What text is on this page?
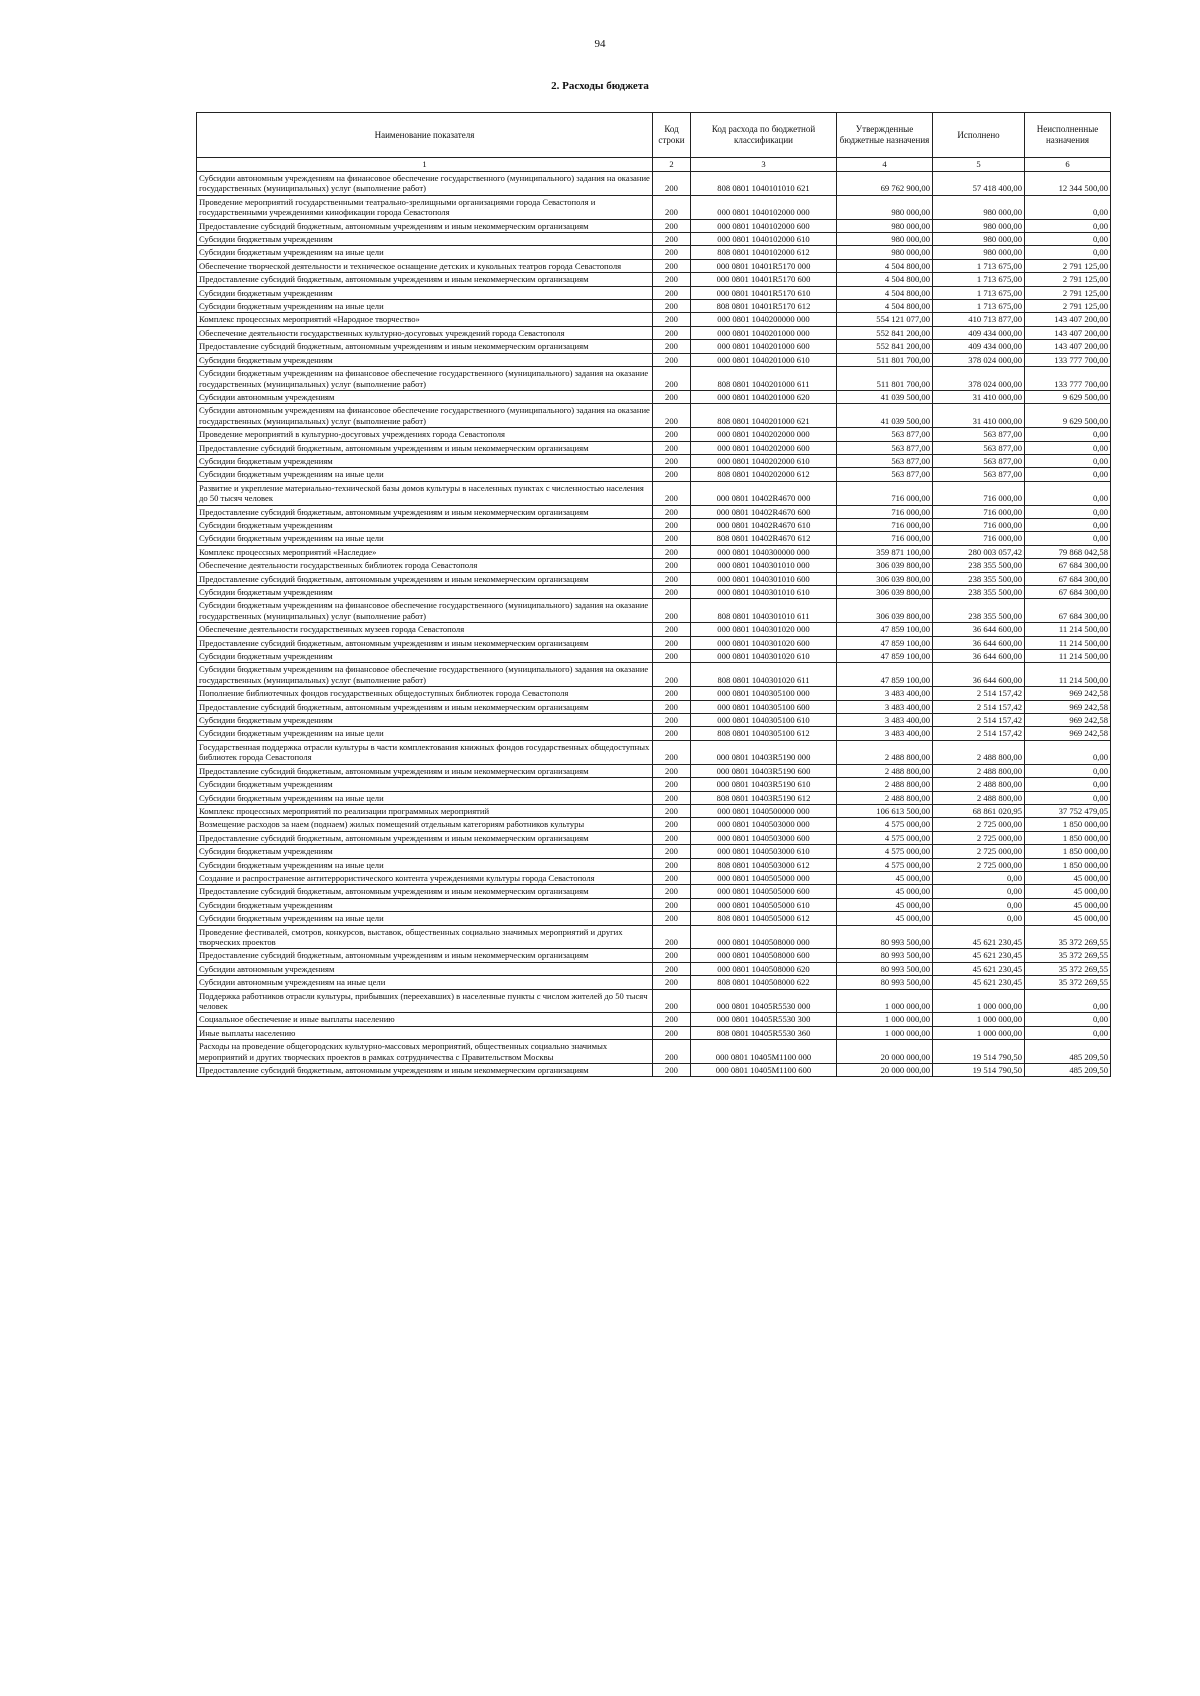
94
2. Расходы бюджета
Наименование показателя	Код строки	Код расхода по бюджетной классификации	Утвержденные бюджетные назначения	Исполнено	Неисполненные назначения
1	2	3	4	5	6
Субсидии автономным учреждениям на финансовое обеспечение государственного (муниципального) задания на оказание государственных (муниципальных) услуг (выполнение работ)	200	808 0801 1040101010 621	69 762 900,00	57 418 400,00	12 344 500,00
Проведение мероприятий государственными театрально-зрелищными организациями города Севастополя и государственными учреждениями кинофикации города Севастополя	200	000 0801 1040102000 000	980 000,00	980 000,00	0,00
Предоставление субсидий бюджетным, автономным учреждениям и иным некоммерческим организациям	200	000 0801 1040102000 600	980 000,00	980 000,00	0,00
Субсидии бюджетным учреждениям	200	000 0801 1040102000 610	980 000,00	980 000,00	0,00
Субсидии бюджетным учреждениям на иные цели	200	808 0801 1040102000 612	980 000,00	980 000,00	0,00
Обеспечение творческой деятельности и техническое оснащение детских и кукольных театров города Севастополя	200	000 0801 10401R5170 000	4 504 800,00	1 713 675,00	2 791 125,00
Предоставление субсидий бюджетным, автономным учреждениям и иным некоммерческим организациям	200	000 0801 10401R5170 600	4 504 800,00	1 713 675,00	2 791 125,00
Субсидии бюджетным учреждениям	200	000 0801 10401R5170 610	4 504 800,00	1 713 675,00	2 791 125,00
Субсидии бюджетным учреждениям на иные цели	200	808 0801 10401R5170 612	4 504 800,00	1 713 675,00	2 791 125,00
Комплекс процессных мероприятий «Народное творчество»	200	000 0801 1040200000 000	554 121 077,00	410 713 877,00	143 407 200,00
Обеспечение деятельности государственных культурно-досуговых учреждений города Севастополя	200	000 0801 1040201000 000	552 841 200,00	409 434 000,00	143 407 200,00
Предоставление субсидий бюджетным, автономным учреждениям и иным некоммерческим организациям	200	000 0801 1040201000 600	552 841 200,00	409 434 000,00	143 407 200,00
Субсидии бюджетным учреждениям	200	000 0801 1040201000 610	511 801 700,00	378 024 000,00	133 777 700,00
Субсидии бюджетным учреждениям на финансовое обеспечение государственного (муниципального) задания на оказание государственных (муниципальных) услуг (выполнение работ)	200	808 0801 1040201000 611	511 801 700,00	378 024 000,00	133 777 700,00
Субсидии автономным учреждениям	200	000 0801 1040201000 620	41 039 500,00	31 410 000,00	9 629 500,00
Субсидии автономным учреждениям на финансовое обеспечение государственного (муниципального) задания на оказание государственных (муниципальных) услуг (выполнение работ)	200	808 0801 1040201000 621	41 039 500,00	31 410 000,00	9 629 500,00
Проведение мероприятий в культурно-досуговых учреждениях города Севастополя	200	000 0801 1040202000 000	563 877,00	563 877,00	0,00
Предоставление субсидий бюджетным, автономным учреждениям и иным некоммерческим организациям	200	000 0801 1040202000 600	563 877,00	563 877,00	0,00
Субсидии бюджетным учреждениям	200	000 0801 1040202000 610	563 877,00	563 877,00	0,00
Субсидии бюджетным учреждениям на иные цели	200	808 0801 1040202000 612	563 877,00	563 877,00	0,00
Развитие и укрепление материально-технической базы домов культуры в населенных пунктах с численностью населения до 50 тысяч человек	200	000 0801 10402R4670 000	716 000,00	716 000,00	0,00
Предоставление субсидий бюджетным, автономным учреждениям и иным некоммерческим организациям	200	000 0801 10402R4670 600	716 000,00	716 000,00	0,00
Субсидии бюджетным учреждениям	200	000 0801 10402R4670 610	716 000,00	716 000,00	0,00
Субсидии бюджетным учреждениям на иные цели	200	808 0801 10402R4670 612	716 000,00	716 000,00	0,00
Комплекс процессных мероприятий «Наследие»	200	000 0801 1040300000 000	359 871 100,00	280 003 057,42	79 868 042,58
Обеспечение деятельности государственных библиотек города Севастополя	200	000 0801 1040301010 000	306 039 800,00	238 355 500,00	67 684 300,00
Предоставление субсидий бюджетным, автономным учреждениям и иным некоммерческим организациям	200	000 0801 1040301010 600	306 039 800,00	238 355 500,00	67 684 300,00
Субсидии бюджетным учреждениям	200	000 0801 1040301010 610	306 039 800,00	238 355 500,00	67 684 300,00
Субсидии бюджетным учреждениям на финансовое обеспечение государственного (муниципального) задания на оказание государственных (муниципальных) услуг (выполнение работ)	200	808 0801 1040301010 611	306 039 800,00	238 355 500,00	67 684 300,00
Обеспечение деятельности государственных музеев города Севастополя	200	000 0801 1040301020 000	47 859 100,00	36 644 600,00	11 214 500,00
Предоставление субсидий бюджетным, автономным учреждениям и иным некоммерческим организациям	200	000 0801 1040301020 600	47 859 100,00	36 644 600,00	11 214 500,00
Субсидии бюджетным учреждениям	200	000 0801 1040301020 610	47 859 100,00	36 644 600,00	11 214 500,00
Субсидии бюджетным учреждениям на финансовое обеспечение государственного (муниципального) задания на оказание государственных (муниципальных) услуг (выполнение работ)	200	808 0801 1040301020 611	47 859 100,00	36 644 600,00	11 214 500,00
Пополнение библиотечных фондов государственных общедоступных библиотек города Севастополя	200	000 0801 1040305100 000	3 483 400,00	2 514 157,42	969 242,58
Предоставление субсидий бюджетным, автономным учреждениям и иным некоммерческим организациям	200	000 0801 1040305100 600	3 483 400,00	2 514 157,42	969 242,58
Субсидии бюджетным учреждениям	200	000 0801 1040305100 610	3 483 400,00	2 514 157,42	969 242,58
Субсидии бюджетным учреждениям на иные цели	200	808 0801 1040305100 612	3 483 400,00	2 514 157,42	969 242,58
Государственная поддержка отрасли культуры в части комплектования книжных фондов государственных общедоступных библиотек города Севастополя	200	000 0801 10403R5190 000	2 488 800,00	2 488 800,00	0,00
Предоставление субсидий бюджетным, автономным учреждениям и иным некоммерческим организациям	200	000 0801 10403R5190 600	2 488 800,00	2 488 800,00	0,00
Субсидии бюджетным учреждениям	200	000 0801 10403R5190 610	2 488 800,00	2 488 800,00	0,00
Субсидии бюджетным учреждениям на иные цели	200	808 0801 10403R5190 612	2 488 800,00	2 488 800,00	0,00
Комплекс процессных мероприятий по реализации программных мероприятий	200	000 0801 1040500000 000	106 613 500,00	68 861 020,95	37 752 479,05
Возмещение расходов за наем (поднаем) жилых помещений отдельным категориям работников культуры	200	000 0801 1040503000 000	4 575 000,00	2 725 000,00	1 850 000,00
Предоставление субсидий бюджетным, автономным учреждениям и иным некоммерческим организациям	200	000 0801 1040503000 600	4 575 000,00	2 725 000,00	1 850 000,00
Субсидии бюджетным учреждениям	200	000 0801 1040503000 610	4 575 000,00	2 725 000,00	1 850 000,00
Субсидии бюджетным учреждениям на иные цели	200	808 0801 1040503000 612	4 575 000,00	2 725 000,00	1 850 000,00
Создание и распространение антитеррористического контента учреждениями культуры города Севастополя	200	000 0801 1040505000 000	45 000,00	0,00	45 000,00
Предоставление субсидий бюджетным, автономным учреждениям и иным некоммерческим организациям	200	000 0801 1040505000 600	45 000,00	0,00	45 000,00
Субсидии бюджетным учреждениям	200	000 0801 1040505000 610	45 000,00	0,00	45 000,00
Субсидии бюджетным учреждениям на иные цели	200	808 0801 1040505000 612	45 000,00	0,00	45 000,00
Проведение фестивалей, смотров, конкурсов, выставок, общественных социально значимых мероприятий и других творческих проектов	200	000 0801 1040508000 000	80 993 500,00	45 621 230,45	35 372 269,55
Предоставление субсидий бюджетным, автономным учреждениям и иным некоммерческим организациям	200	000 0801 1040508000 600	80 993 500,00	45 621 230,45	35 372 269,55
Субсидии автономным учреждениям	200	000 0801 1040508000 620	80 993 500,00	45 621 230,45	35 372 269,55
Субсидии автономным учреждениям на иные цели	200	808 0801 1040508000 622	80 993 500,00	45 621 230,45	35 372 269,55
Поддержка работников отрасли культуры, прибывших (переехавших) в населенные пункты с числом жителей до 50 тысяч человек	200	000 0801 10405R5530 000	1 000 000,00	1 000 000,00	0,00
Социальное обеспечение и иные выплаты населению	200	000 0801 10405R5530 300	1 000 000,00	1 000 000,00	0,00
Иные выплаты населению	200	808 0801 10405R5530 360	1 000 000,00	1 000 000,00	0,00
Расходы на проведение общегородских культурно-массовых мероприятий, общественных социально значимых мероприятий и других творческих проектов в рамках сотрудничества с Правительством Москвы	200	000 0801 10405М1100 000	20 000 000,00	19 514 790,50	485 209,50
Предоставление субсидий бюджетным, автономным учреждениям и иным некоммерческим организациям	200	000 0801 10405М1100 600	20 000 000,00	19 514 790,50	485 209,50
